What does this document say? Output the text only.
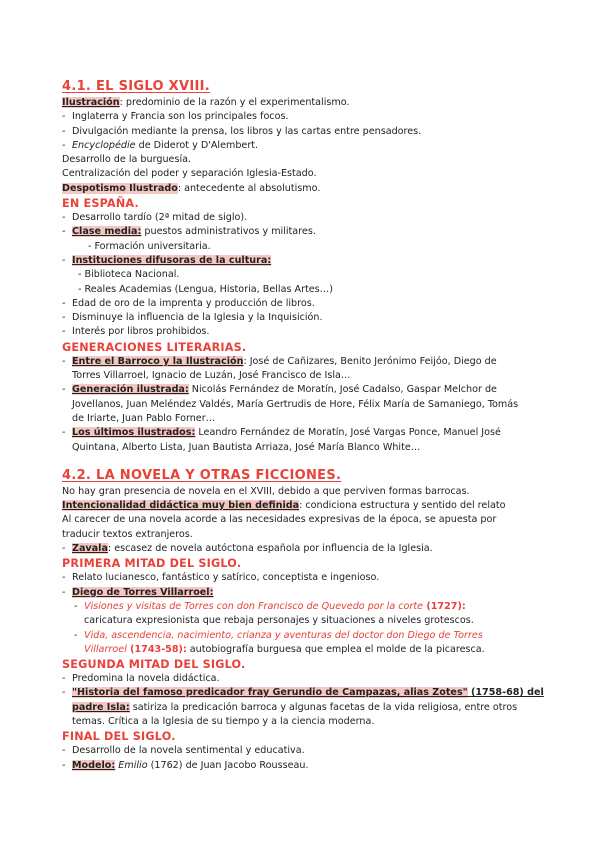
4.1. EL SIGLO XVIII.
Ilustración: predominio de la razón y el experimentalismo.
- Inglaterra y Francia son los principales focos.
- Divulgación mediante la prensa, los libros y las cartas entre pensadores.
- Encyclopédie de Diderot y D'Alembert.
Desarrollo de la burguesía.
Centralización del poder y separación Iglesia-Estado.
Despotismo Ilustrado: antecedente al absolutismo.
EN ESPAÑA.
- Desarrollo tardío (2ª mitad de siglo).
- Clase media: puestos administrativos y militares.
- Formación universitaria.
- Instituciones difusoras de la cultura:
- Biblioteca Nacional.
- Reales Academias (Lengua, Historia, Bellas Artes…)
- Edad de oro de la imprenta y producción de libros.
- Disminuye la influencia de la Iglesia y la Inquisición.
- Interés por libros prohibidos.
GENERACIONES LITERARIAS.
- Entre el Barroco y la Ilustración: José de Cañizares, Benito Jerónimo Feijóo, Diego de
Torres Villarroel, Ignacio de Luzán, José Francisco de Isla…
- Generación ilustrada: Nicolás Fernández de Moratín, José Cadalso, Gaspar Melchor de
Jovellanos, Juan Meléndez Valdés, María Gertrudis de Hore, Félix María de Samaniego, Tomás
de Iriarte, Juan Pablo Forner…
- Los últimos ilustrados: Leandro Fernández de Moratín, José Vargas Ponce, Manuel José
Quintana, Alberto Lista, Juan Bautista Arriaza, José María Blanco White…
4.2. LA NOVELA Y OTRAS FICCIONES.
No hay gran presencia de novela en el XVIII, debido a que perviven formas barrocas.
Intencionalidad didáctica muy bien definida: condiciona estructura y sentido del relato
Al carecer de una novela acorde a las necesidades expresivas de la época, se apuesta por
traducir textos extranjeros.
- Zavala: escasez de novela autóctona española por influencia de la Iglesia.
PRIMERA MITAD DEL SIGLO.
- Relato lucianesco, fantástico y satírico, conceptista e ingenioso.
- Diego de Torres Villarroel:
- Visiones y visitas de Torres con don Francisco de Quevedo por la corte (1727):
caricatura expresionista que rebaja personajes y situaciones a niveles grotescos.
- Vida, ascendencia, nacimiento, crianza y aventuras del doctor don Diego de Torres
Villarroel (1743-58): autobiografía burguesa que emplea el molde de la picaresca.
SEGUNDA MITAD DEL SIGLO.
- Predomina la novela didáctica.
- "Historia del famoso predicador fray Gerundio de Campazas, alias Zotes" (1758-68) del
padre Isla: satiriza la predicación barroca y algunas facetas de la vida religiosa, entre otros
temas. Crítica a la Iglesia de su tiempo y a la ciencia moderna.
FINAL DEL SIGLO.
- Desarrollo de la novela sentimental y educativa.
- Modelo: Emilio (1762) de Juan Jacobo Rousseau.
